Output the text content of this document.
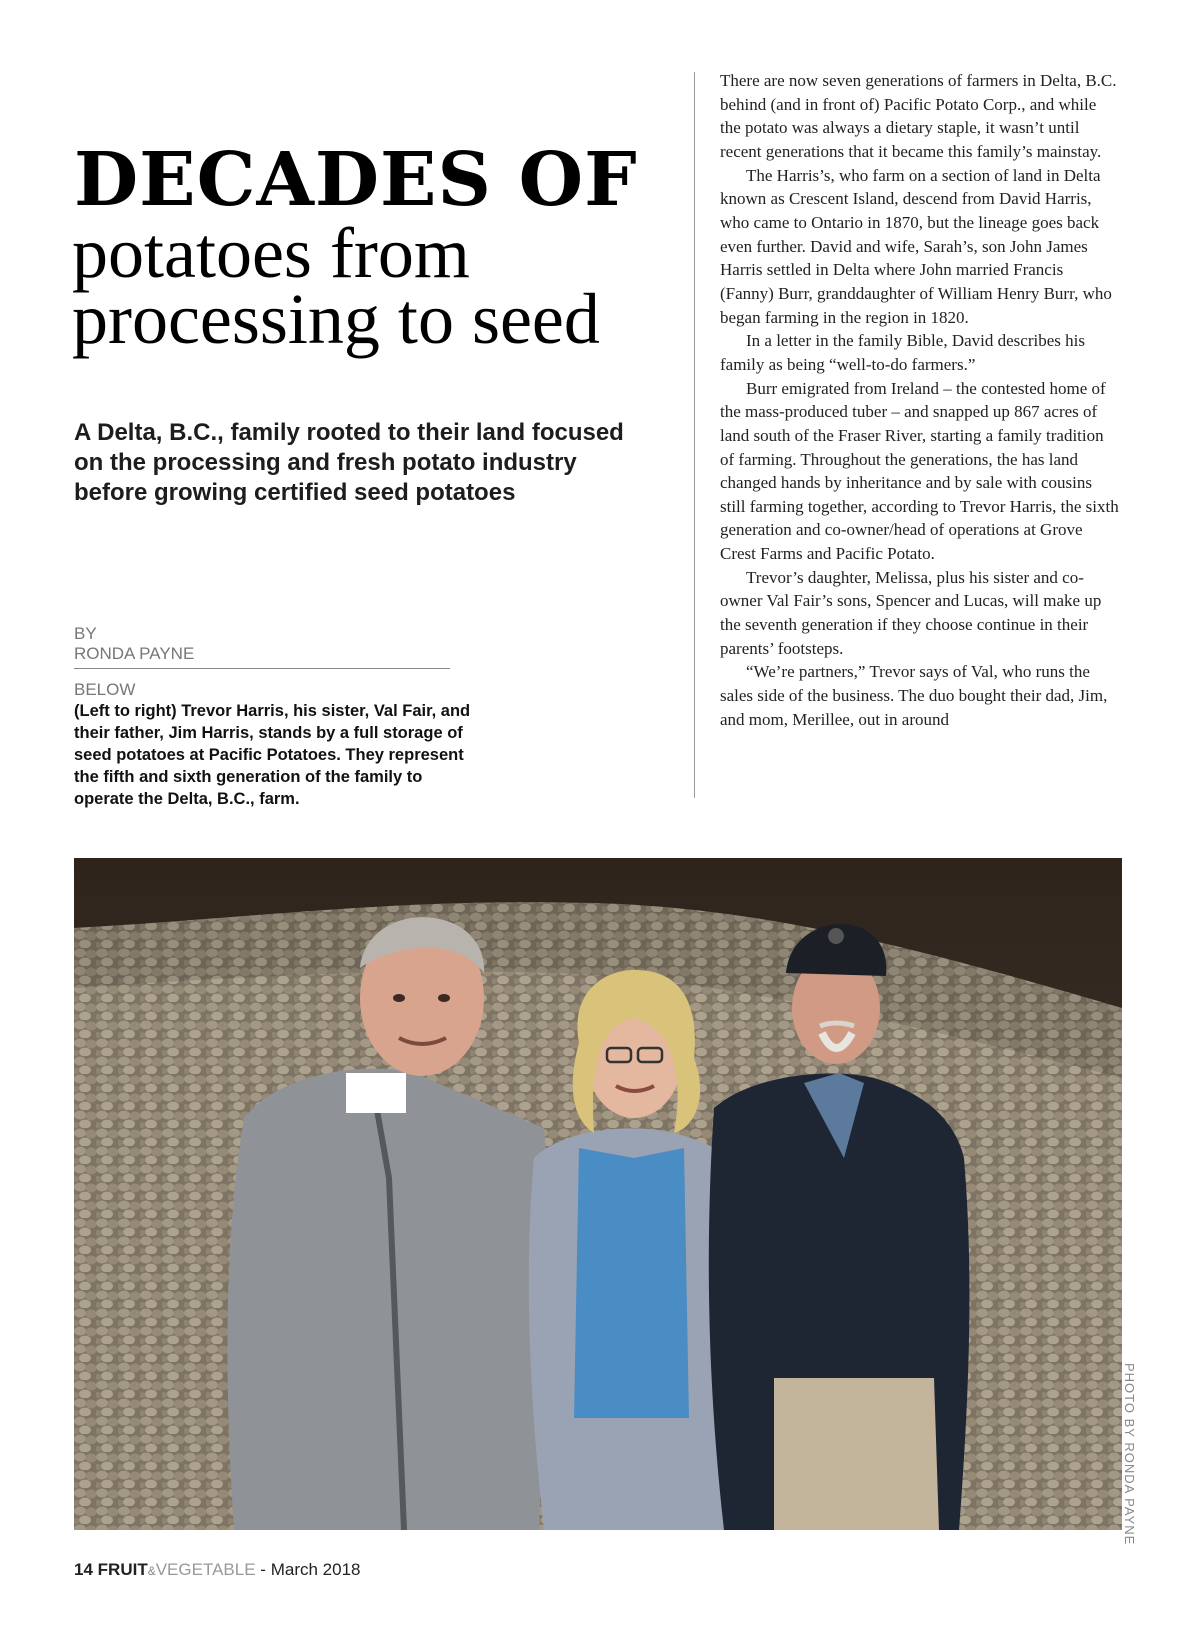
DECADES OF
potatoes from processing to seed
A Delta, B.C., family rooted to their land focused on the processing and fresh potato industry before growing certified seed potatoes
BY
RONDA PAYNE
BELOW
(Left to right) Trevor Harris, his sister, Val Fair, and their father, Jim Harris, stands by a full storage of seed potatoes at Pacific Potatoes. They represent the fifth and sixth generation of the family to operate the Delta, B.C., farm.

There are now seven generations of farmers in Delta, B.C. behind (and in front of) Pacific Potato Corp., and while the potato was always a dietary staple, it wasn’t until recent generations that it became this family’s mainstay.

The Harris’s, who farm on a section of land in Delta known as Crescent Island, descend from David Harris, who came to Ontario in 1870, but the lineage goes back even further. David and wife, Sarah’s, son John James Harris settled in Delta where John married Francis (Fanny) Burr, granddaughter of William Henry Burr, who began farming in the region in 1820.

In a letter in the family Bible, David describes his family as being “well-to-do farmers.”

Burr emigrated from Ireland – the contested home of the mass-produced tuber – and snapped up 867 acres of land south of the Fraser River, starting a family tradition of farming. Throughout the generations, the has land changed hands by inheritance and by sale with cousins still farming together, according to Trevor Harris, the sixth generation and co-owner/head of operations at Grove Crest Farms and Pacific Potato.

Trevor’s daughter, Melissa, plus his sister and co-owner Val Fair’s sons, Spencer and Lucas, will make up the seventh generation if they choose continue in their parents’ footsteps.

“We’re partners,” Trevor says of Val, who runs the sales side of the business. The duo bought their dad, Jim, and mom, Merillee, out in around

PHOTO BY RONDA PAYNE
14 FRUIT&VEGETABLE - March 2018
